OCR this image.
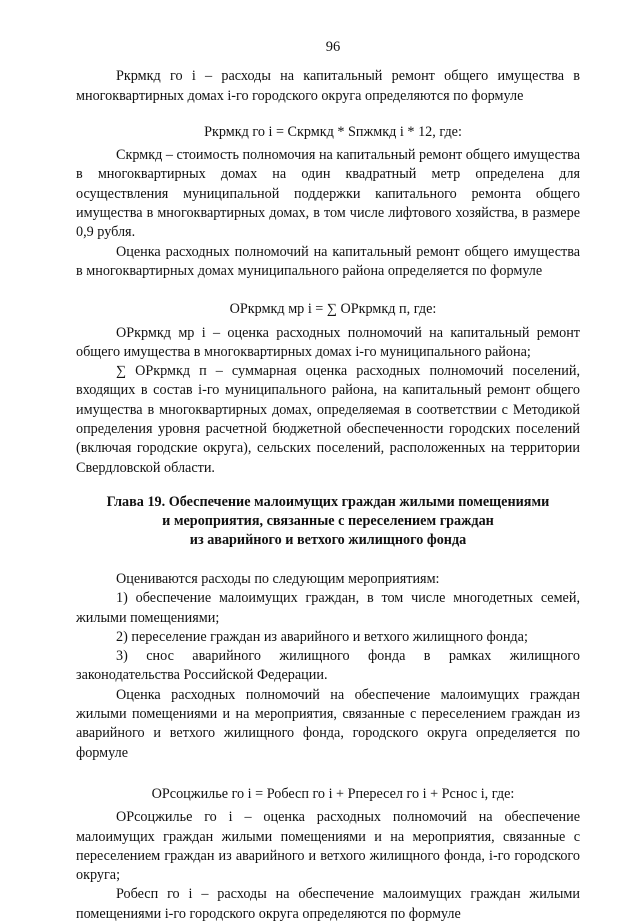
96

Ркрмкд го i – расходы на капитальный ремонт общего имущества в многоквартирных домах i-го городского округа определяются по формуле

Ркрмкд го i = Скрмкд * Sпжмкд i * 12, где:

Скрмкд – стоимость полномочия на капитальный ремонт общего имущества в многоквартирных домах на один квадратный метр определена для осуществления муниципальной поддержки капитального ремонта общего имущества в многоквартирных домах, в том числе лифтового хозяйства, в размере 0,9 рубля.

Оценка расходных полномочий на капитальный ремонт общего имущества в многоквартирных домах муниципального района определяется по формуле

ОРкрмкд мр i = ∑ ОРкрмкд п, где:

ОРкрмкд мр i – оценка расходных полномочий на капитальный ремонт общего имущества в многоквартирных домах i-го муниципального района;

∑ ОРкрмкд п – суммарная оценка расходных полномочий поселений, входящих в состав i-го муниципального района, на капитальный ремонт общего имущества в многоквартирных домах, определяемая в соответствии с Методикой определения уровня расчетной бюджетной обеспеченности городских поселений (включая городские округа), сельских поселений, расположенных на территории Свердловской области.

Глава 19. Обеспечение малоимущих граждан жилыми помещениями
и мероприятия, связанные с переселением граждан
из аварийного и ветхого жилищного фонда

Оцениваются расходы по следующим мероприятиям:

1) обеспечение малоимущих граждан, в том числе многодетных семей, жилыми помещениями;

2) переселение граждан из аварийного и ветхого жилищного фонда;

3) снос аварийного жилищного фонда в рамках жилищного законодательства Российской Федерации.

Оценка расходных полномочий на обеспечение малоимущих граждан жилыми помещениями и на мероприятия, связанные с переселением граждан из аварийного и ветхого жилищного фонда, городского округа определяется по формуле

ОРсоцжилье го i = Робесп го i + Рпересел го i + Рснос i, где:

ОРсоцжилье го i – оценка расходных полномочий на обеспечение малоимущих граждан жилыми помещениями и на мероприятия, связанные с переселением граждан из аварийного и ветхого жилищного фонда, i-го городского округа;

Робесп го i – расходы на обеспечение малоимущих граждан жилыми помещениями i-го городского округа определяются по формуле
